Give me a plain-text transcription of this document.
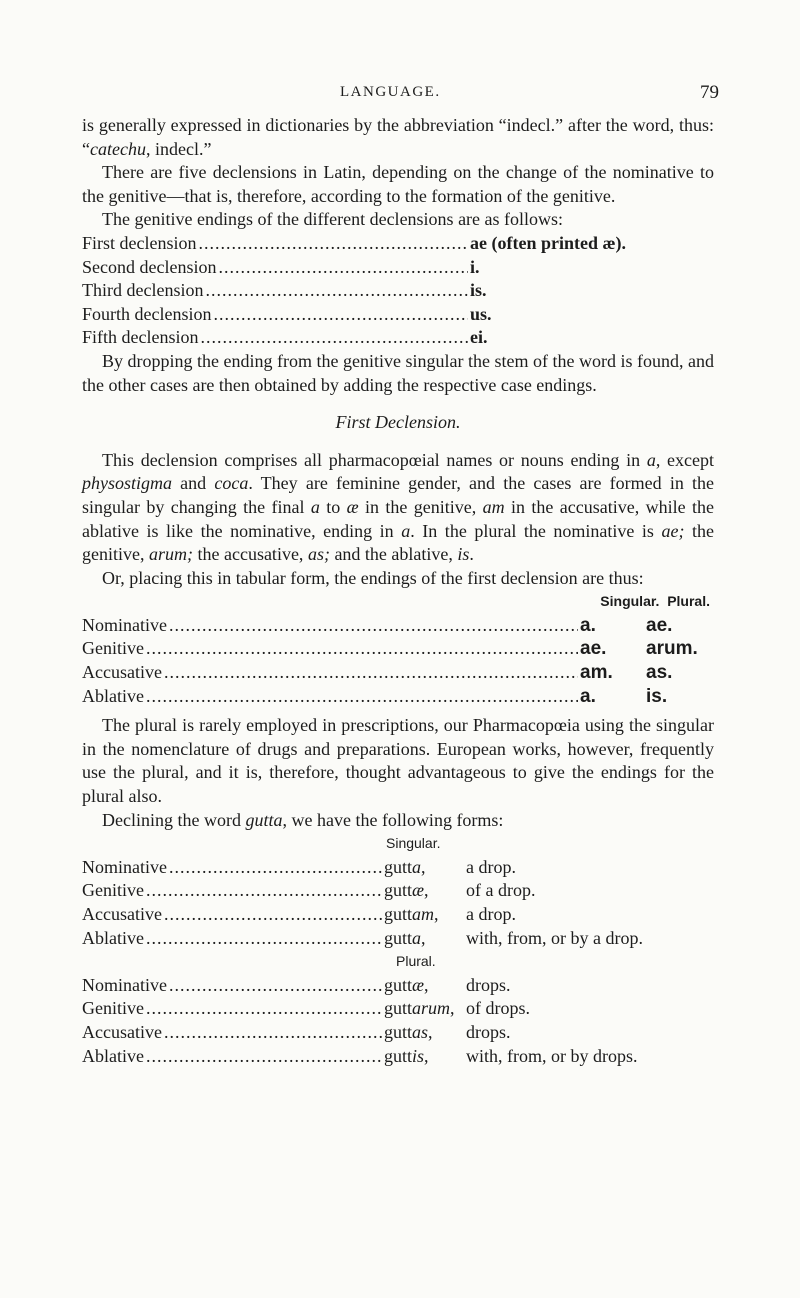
LANGUAGE.	79

is generally expressed in dictionaries by the abbreviation “indecl.” after the word, thus: “catechu, indecl.”

There are five declensions in Latin, depending on the change of the nominative to the genitive—that is, therefore, according to the formation of the genitive.

The genitive endings of the different declensions are as follows:

First declension .....	ae (often printed æ).
Second declension .....	i.
Third declension .....	is.
Fourth declension .....	us.
Fifth declension .....	ei.

By dropping the ending from the genitive singular the stem of the word is found, and the other cases are then obtained by adding the respective case endings.

First Declension.

This declension comprises all pharmacopœial names or nouns ending in a, except physostigma and coca. They are feminine gender, and the cases are formed in the singular by changing the final a to æ in the genitive, am in the accusative, while the ablative is like the nominative, ending in a. In the plural the nominative is ae; the genitive, arum; the accusative, as; and the ablative, is.

Or, placing this in tabular form, the endings of the first declension are thus:

Singular.  Plural.
Nominative .....	a.	ae.
Genitive .....	ae.	arum.
Accusative .....	am.	as.
Ablative .....	a.	is.

The plural is rarely employed in prescriptions, our Pharmacopœia using the singular in the nomenclature of drugs and preparations. European works, however, frequently use the plural, and it is, therefore, thought advantageous to give the endings for the plural also.

Declining the word gutta, we have the following forms:

Singular.
Nominative .....	gutta,	a drop.
Genitive .....	guttæ,	of a drop.
Accusative .....	guttam,	a drop.
Ablative .....	gutta,	with, from, or by a drop.
Plural.
Nominative .....	guttæ,	drops.
Genitive .....	guttarum, of drops.
Accusative .....	guttas,	drops.
Ablative .....	guttis,	with, from, or by drops.
